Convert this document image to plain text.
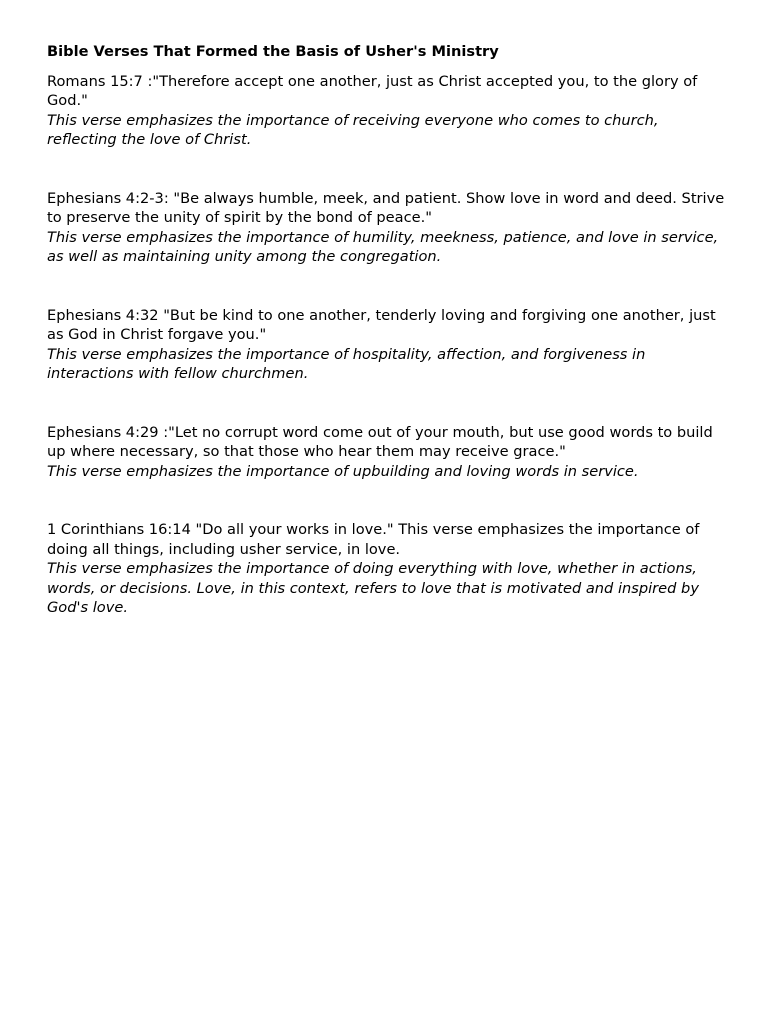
Bible Verses That Formed the Basis of Usher's Ministry
Romans 15:7 :"Therefore accept one another, just as Christ accepted you, to the glory of God."
This verse emphasizes the importance of receiving everyone who comes to church, reflecting the love of Christ.
Ephesians 4:2-3: "Be always humble, meek, and patient. Show love in word and deed. Strive to preserve the unity of spirit by the bond of peace."
This verse emphasizes the importance of humility, meekness, patience, and love in service, as well as maintaining unity among the congregation.
Ephesians 4:32 "But be kind to one another, tenderly loving and forgiving one another, just as God in Christ forgave you."
This verse emphasizes the importance of hospitality, affection, and forgiveness in interactions with fellow churchmen.
Ephesians 4:29 :"Let no corrupt word come out of your mouth, but use good words to build up where necessary, so that those who hear them may receive grace."
This verse emphasizes the importance of upbuilding and loving words in service.
1 Corinthians 16:14 "Do all your works in love." This verse emphasizes the importance of doing all things, including usher service, in love.
This verse emphasizes the importance of doing everything with love, whether in actions, words, or decisions. Love, in this context, refers to love that is motivated and inspired by God's love.
